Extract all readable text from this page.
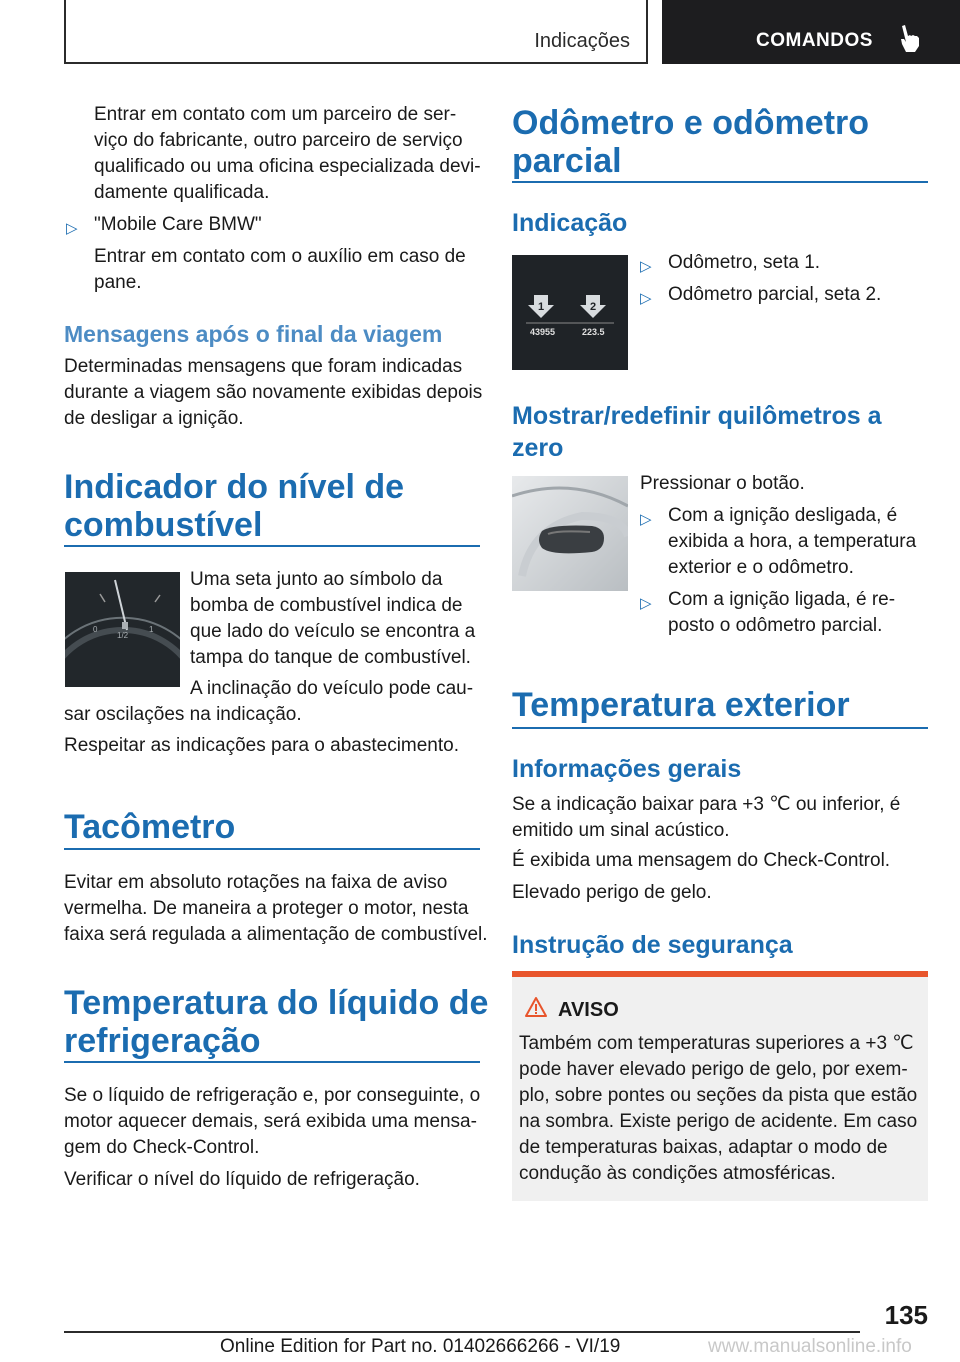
Indicações	COMANDOS
Entrar em contato com um parceiro de ser-
viço do fabricante, outro parceiro de serviço
qualificado ou uma oficina especializada devi-
damente qualificada.
▷ "Mobile Care BMW"
Entrar em contato com o auxílio em caso de
pane.
Mensagens após o final da viagem
Determinadas mensagens que foram indicadas
durante a viagem são novamente exibidas depois
de desligar a ignição.
Indicador do nível de
combustível
0
1/2
1
Uma seta junto ao símbolo da
bomba de combustível indica de
que lado do veículo se encontra a
tampa do tanque de combustível.
A inclinação do veículo pode cau-
sar oscilações na indicação.
Respeitar as indicações para o abastecimento.
Tacômetro
Evitar em absoluto rotações na faixa de aviso
vermelha. De maneira a proteger o motor, nesta
faixa será regulada a alimentação de combustível.
Temperatura do líquido de
refrigeração
Se o líquido de refrigeração e, por conseguinte, o
motor aquecer demais, será exibida uma mensa-
gem do Check-Control.
Verificar o nível do líquido de refrigeração.
Odômetro e odômetro
parcial
Indicação
1	2
43955	223.5
▷ Odômetro, seta 1.
▷ Odômetro parcial, seta 2.
Mostrar/redefinir quilômetros a
zero
Pressionar o botão.
▷ Com a ignição desligada, é
exibida a hora, a temperatura
exterior e o odômetro.
▷ Com a ignição ligada, é re-
posto o odômetro parcial.
Temperatura exterior
Informações gerais
Se a indicação baixar para +3 ℃ ou inferior, é
emitido um sinal acústico.
É exibida uma mensagem do Check-Control.
Elevado perigo de gelo.
Instrução de segurança
AVISO
Também com temperaturas superiores a +3 ℃
pode haver elevado perigo de gelo, por exem-
plo, sobre pontes ou seções da pista que estão
na sombra. Existe perigo de acidente. Em caso
de temperaturas baixas, adaptar o modo de
condução às condições atmosféricas.
135
Online Edition for Part no. 01402666266 - VI/19	www.manualsonline.info
